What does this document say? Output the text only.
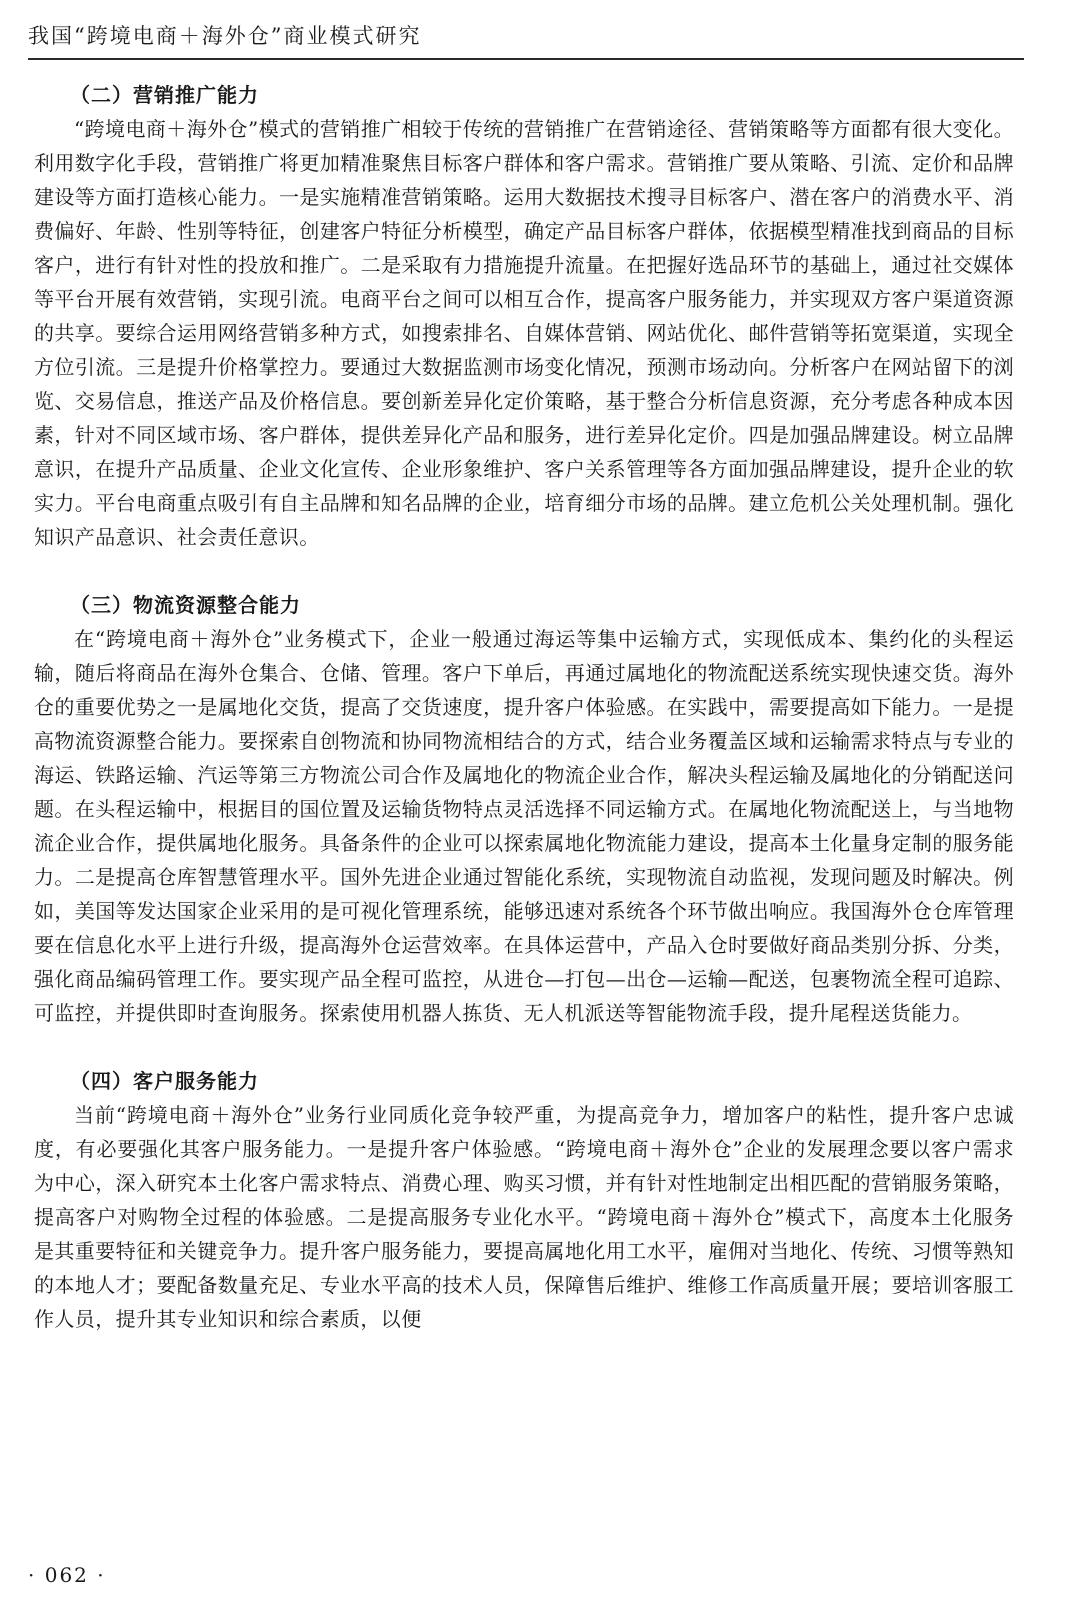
我国“跨境电商＋海外仓”商业模式研究
（二）营销推广能力

“跨境电商＋海外仓”模式的营销推广相较于传统的营销推广在营销途径、营销策略等方面都有很大变化。利用数字化手段，营销推广将更加精准聚焦目标客户群体和客户需求。营销推广要从策略、引流、定价和品牌建设等方面打造核心能力。一是实施精准营销策略。运用大数据技术搜寻目标客户、潜在客户的消费水平、消费偏好、年龄、性别等特征，创建客户特征分析模型，确定产品目标客户群体，依据模型精准找到商品的目标客户，进行有针对性的投放和推广。二是采取有力措施提升流量。在把握好选品环节的基础上，通过社交媒体等平台开展有效营销，实现引流。电商平台之间可以相互合作，提高客户服务能力，并实现双方客户渠道资源的共享。要综合运用网络营销多种方式，如搜索排名、自媒体营销、网站优化、邮件营销等拓宽渠道，实现全方位引流。三是提升价格掌控力。要通过大数据监测市场变化情况，预测市场动向。分析客户在网站留下的浏览、交易信息，推送产品及价格信息。要创新差异化定价策略，基于整合分析信息资源，充分考虑各种成本因素，针对不同区域市场、客户群体，提供差异化产品和服务，进行差异化定价。四是加强品牌建设。树立品牌意识，在提升产品质量、企业文化宣传、企业形象维护、客户关系管理等各方面加强品牌建设，提升企业的软实力。平台电商重点吸引有自主品牌和知名品牌的企业，培育细分市场的品牌。建立危机公关处理机制。强化知识产品意识、社会责任意识。

（三）物流资源整合能力

在“跨境电商＋海外仓”业务模式下，企业一般通过海运等集中运输方式，实现低成本、集约化的头程运输，随后将商品在海外仓集合、仓储、管理。客户下单后，再通过属地化的物流配送系统实现快速交货。海外仓的重要优势之一是属地化交货，提高了交货速度，提升客户体验感。在实践中，需要提高如下能力。一是提高物流资源整合能力。要探索自创物流和协同物流相结合的方式，结合业务覆盖区域和运输需求特点与专业的海运、铁路运输、汽运等第三方物流公司合作及属地化的物流企业合作，解决头程运输及属地化的分销配送问题。在头程运输中，根据目的国位置及运输货物特点灵活选择不同运输方式。在属地化物流配送上，与当地物流企业合作，提供属地化服务。具备条件的企业可以探索属地化物流能力建设，提高本土化量身定制的服务能力。二是提高仓库智慧管理水平。国外先进企业通过智能化系统，实现物流自动监视，发现问题及时解决。例如，美国等发达国家企业采用的是可视化管理系统，能够迅速对系统各个环节做出响应。我国海外仓仓库管理要在信息化水平上进行升级，提高海外仓运营效率。在具体运营中，产品入仓时要做好商品类别分拆、分类，强化商品编码管理工作。要实现产品全程可监控，从进仓—打包—出仓—运输—配送，包裹物流全程可追踪、可监控，并提供即时查询服务。探索使用机器人拣货、无人机派送等智能物流手段，提升尾程送货能力。

（四）客户服务能力

当前“跨境电商＋海外仓”业务行业同质化竞争较严重，为提高竞争力，增加客户的粘性，提升客户忠诚度，有必要强化其客户服务能力。一是提升客户体验感。“跨境电商＋海外仓”企业的发展理念要以客户需求为中心，深入研究本土化客户需求特点、消费心理、购买习惯，并有针对性地制定出相匹配的营销服务策略，提高客户对购物全过程的体验感。二是提高服务专业化水平。“跨境电商＋海外仓”模式下，高度本土化服务是其重要特征和关键竞争力。提升客户服务能力，要提高属地化用工水平，雇佣对当地化、传统、习惯等熟知的本地人才；要配备数量充足、专业水平高的技术人员，保障售后维护、维修工作高质量开展；要培训客服工作人员，提升其专业知识和综合素质，以便

· 062 ·
